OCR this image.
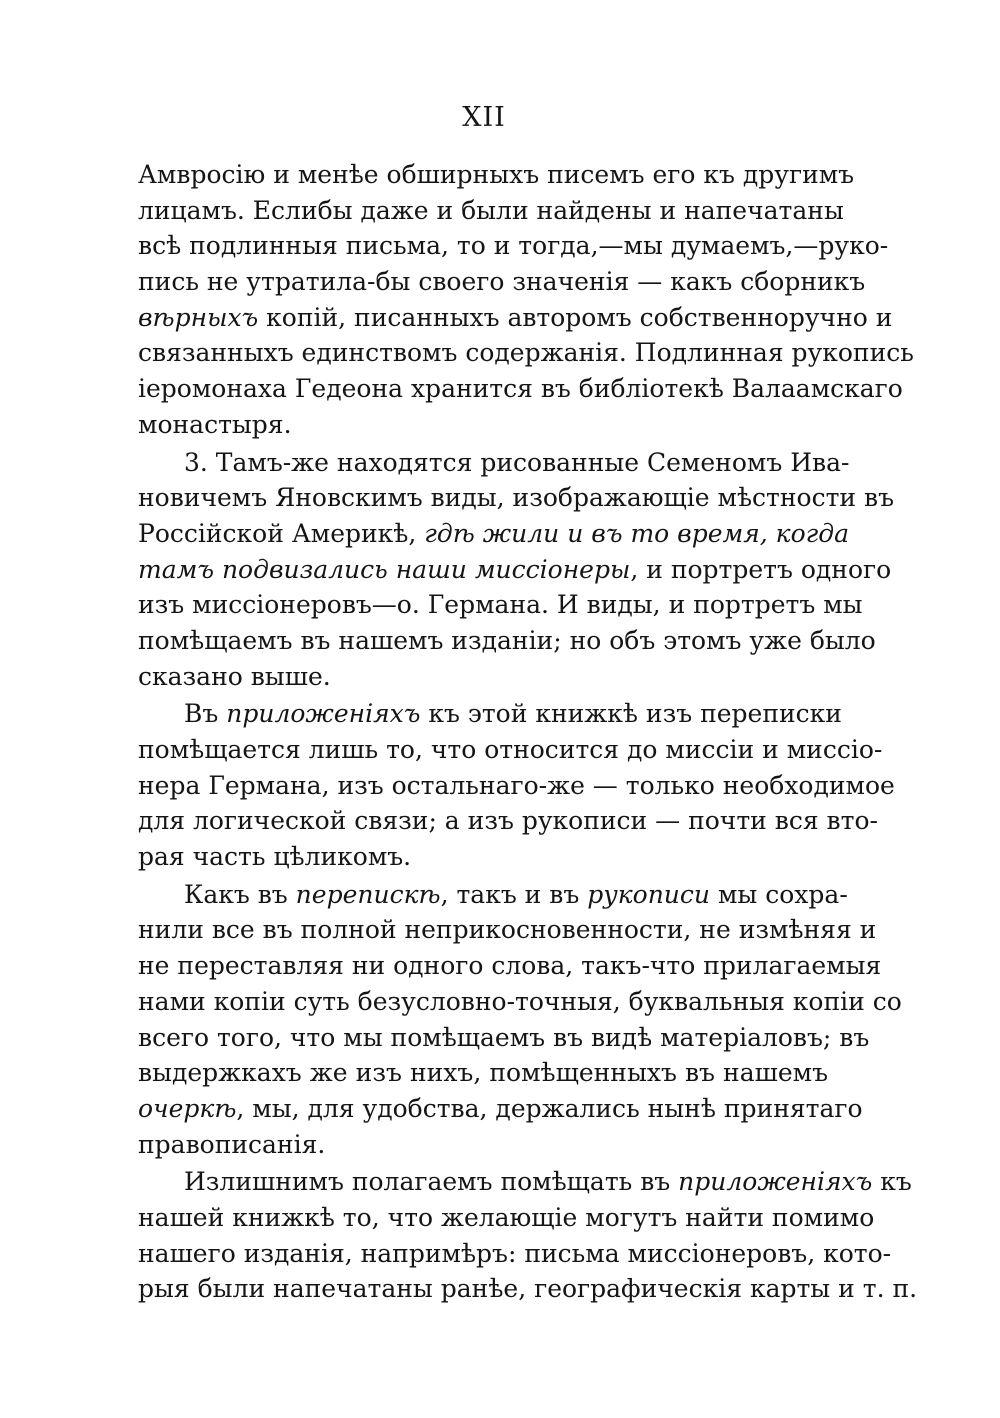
XII
Амвросію и менѣе обширныхъ писемъ его къ другимъ
лицамъ. Еслибы даже и были найдены и напечатаны
всѣ подлинныя письма, то и тогда,—мы думаемъ,—руко-
пись не утратила-бы своего значенія — какъ сборникъ
вѣрныхъ копій, писанныхъ авторомъ собственноручно и
связанныхъ единствомъ содержанія. Подлинная рукопись
іеромонаха Гедеона хранится въ библіотекѣ Валаамскаго
монастыря.
3. Тамъ-же находятся рисованные Семеномъ Ива-
новичемъ Яновскимъ виды, изображающіе мѣстности въ
Россійской Америкѣ, гдѣ жили и въ то время, когда
тамъ подвизались наши миссіонеры, и портретъ одного
изъ миссіонеровъ—о. Германа. И виды, и портретъ мы
помѣщаемъ въ нашемъ изданіи; но объ этомъ уже было
сказано выше.
Въ приложеніяхъ къ этой книжкѣ изъ переписки
помѣщается лишь то, что относится до миссіи и миссіо-
нера Германа, изъ остальнаго-же — только необходимое
для логической связи; а изъ рукописи — почти вся вто-
рая часть цѣликомъ.
Какъ въ перепискѣ, такъ и въ рукописи мы сохра-
нили все въ полной неприкосновенности, не измѣняя и
не переставляя ни одного слова, такъ-что прилагаемыя
нами копіи суть безусловно-точныя, буквальныя копіи со
всего того, что мы помѣщаемъ въ видѣ матеріаловъ; въ
выдержкахъ же изъ нихъ, помѣщенныхъ въ нашемъ
очеркѣ, мы, для удобства, держались нынѣ принятаго
правописанія.
Излишнимъ полагаемъ помѣщать въ приложеніяхъ къ
нашей книжкѣ то, что желающіе могутъ найти помимо
нашего изданія, напримѣръ: письма миссіонеровъ, кото-
рыя были напечатаны ранѣе, географическія карты и т. п.
